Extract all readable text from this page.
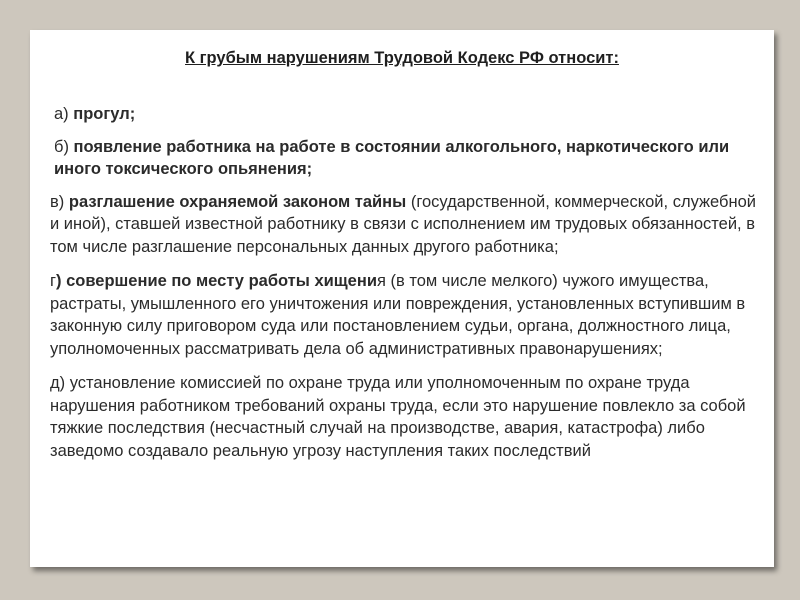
К грубым нарушениям Трудовой Кодекс РФ относит:

а) прогул;

б) появление работника на работе в состоянии алкогольного, наркотического или иного токсического опьянения;

в) разглашение охраняемой законом тайны (государственной, коммерческой, служебной и иной), ставшей известной работнику в связи с исполнением им трудовых обязанностей, в том числе разглашение персональных данных другого работника;

г) совершение по месту работы хищения (в том числе мелкого) чужого имущества, растраты, умышленного его уничтожения или повреждения, установленных вступившим в законную силу приговором суда или постановлением судьи, органа, должностного лица, уполномоченных рассматривать дела об административных правонарушениях;

д) установление комиссией по охране труда или уполномоченным по охране труда нарушения работником требований охраны труда, если это нарушение повлекло за собой тяжкие последствия (несчастный случай на производстве, авария, катастрофа) либо заведомо создавало реальную угрозу наступления таких последствий
